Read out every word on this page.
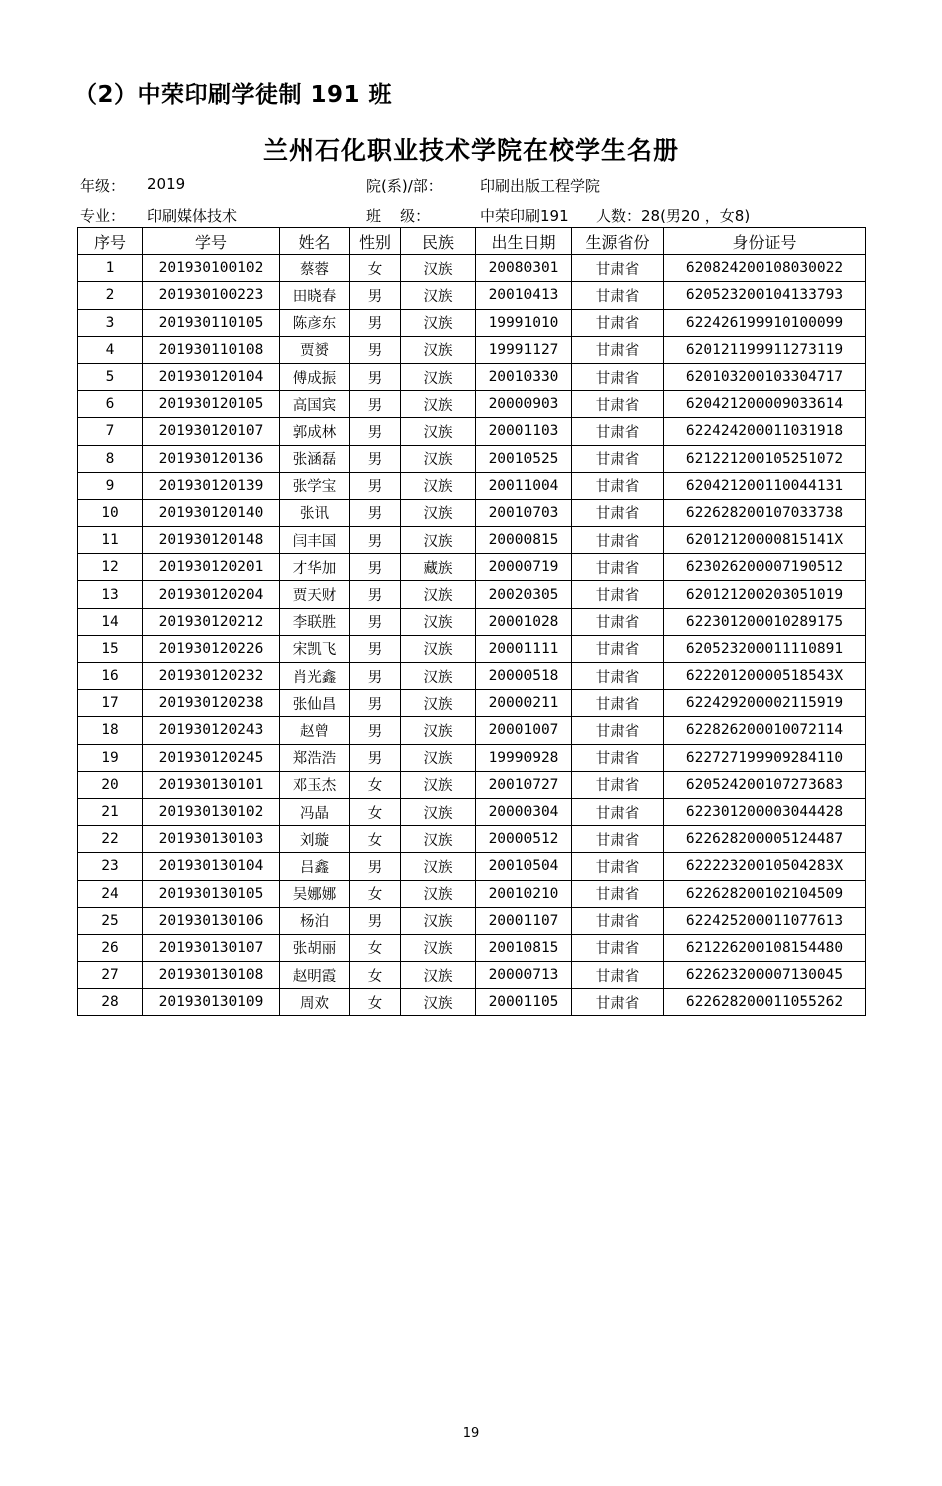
（2）中荣印刷学徒制 191 班
兰州石化职业技术学院在校学生名册
年级： 2019	院(系)/部： 印刷出版工程学院
专业： 印刷媒体技术	班    级：	中荣印刷191 人数：28(男20 ，女8)
序号	学号	姓名	性别	民族	出生日期	生源省份	身份证号
1	201930100102	蔡蓉	女	汉族	20080301	甘肃省	620824200108030022
2	201930100223	田晓春	男	汉族	20010413	甘肃省	620523200104133793
3	201930110105	陈彦东	男	汉族	19991010	甘肃省	622426199910100099
4	201930110108	贾赟	男	汉族	19991127	甘肃省	620121199911273119
5	201930120104	傅成振	男	汉族	20010330	甘肃省	620103200103304717
6	201930120105	高国宾	男	汉族	20000903	甘肃省	620421200009033614
7	201930120107	郭成林	男	汉族	20001103	甘肃省	622424200011031918
8	201930120136	张涵磊	男	汉族	20010525	甘肃省	621221200105251072
9	201930120139	张学宝	男	汉族	20011004	甘肃省	620421200110044131
10	201930120140	张讯	男	汉族	20010703	甘肃省	622628200107033738
11	201930120148	闫丰国	男	汉族	20000815	甘肃省	62012120000815141X
12	201930120201	才华加	男	藏族	20000719	甘肃省	623026200007190512
13	201930120204	贾天财	男	汉族	20020305	甘肃省	620121200203051019
14	201930120212	李联胜	男	汉族	20001028	甘肃省	622301200010289175
15	201930120226	宋凯飞	男	汉族	20001111	甘肃省	620523200011110891
16	201930120232	肖光鑫	男	汉族	20000518	甘肃省	62220120000518543X
17	201930120238	张仙昌	男	汉族	20000211	甘肃省	622429200002115919
18	201930120243	赵曾	男	汉族	20001007	甘肃省	622826200010072114
19	201930120245	郑浩浩	男	汉族	19990928	甘肃省	622727199909284110
20	201930130101	邓玉杰	女	汉族	20010727	甘肃省	620524200107273683
21	201930130102	冯晶	女	汉族	20000304	甘肃省	622301200003044428
22	201930130103	刘璇	女	汉族	20000512	甘肃省	622628200005124487
23	201930130104	吕鑫	男	汉族	20010504	甘肃省	62222320010504283X
24	201930130105	吴娜娜	女	汉族	20010210	甘肃省	622628200102104509
25	201930130106	杨泊	男	汉族	20001107	甘肃省	622425200011077613
26	201930130107	张胡丽	女	汉族	20010815	甘肃省	621226200108154480
27	201930130108	赵明霞	女	汉族	20000713	甘肃省	622623200007130045
28	201930130109	周欢	女	汉族	20001105	甘肃省	622628200011055262
19
